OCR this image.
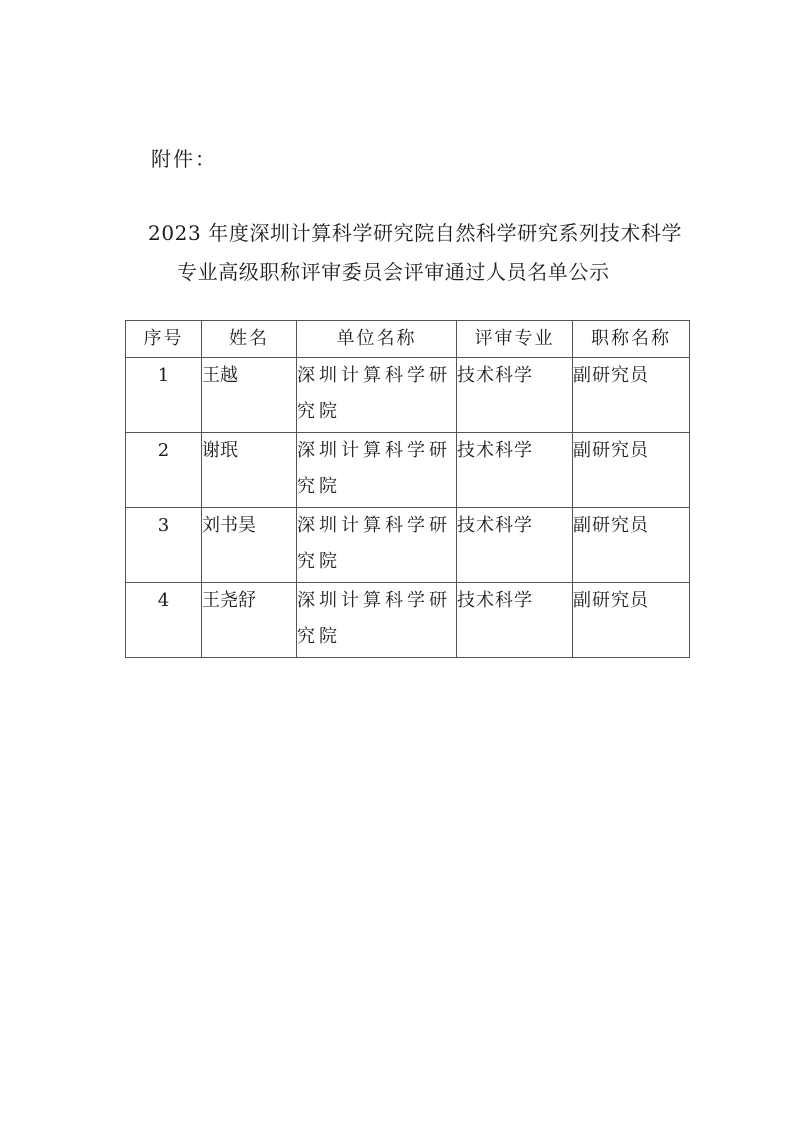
附件：
2023 年度深圳计算科学研究院自然科学研究系列技术科学
专业高级职称评审委员会评审通过人员名单公示
序号	姓名	单位名称	评审专业	职称名称
1	王越	深圳计算科学研究院	技术科学	副研究员
2	谢珉	深圳计算科学研究院	技术科学	副研究员
3	刘书昊	深圳计算科学研究院	技术科学	副研究员
4	王尧舒	深圳计算科学研究院	技术科学	副研究员
